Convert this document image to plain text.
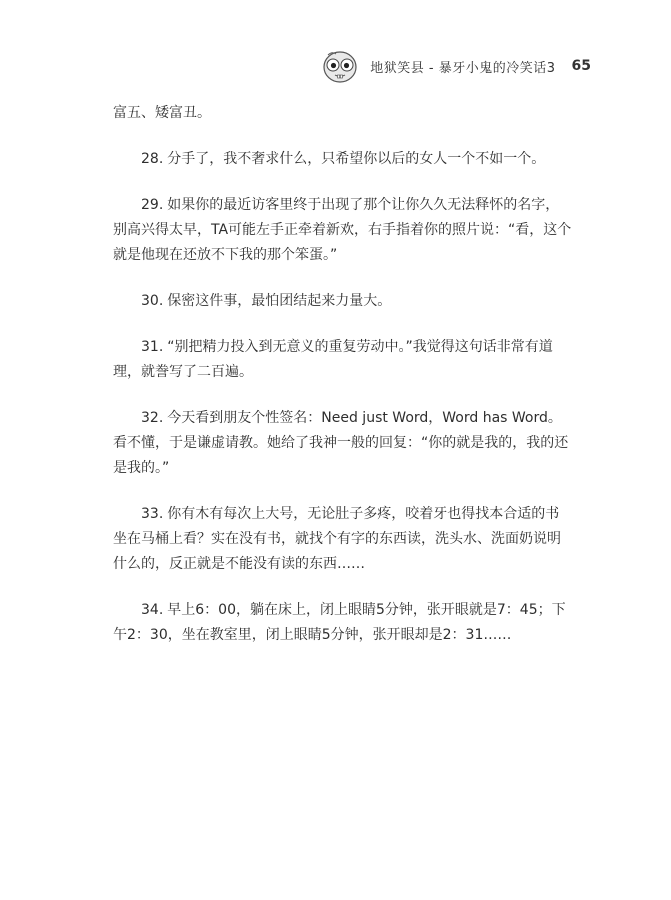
地狱笑县 - 暴牙小鬼的冷笑话3 65

富五、矮富丑。

28. 分手了，我不奢求什么，只希望你以后的女人一个不如一个。

29. 如果你的最近访客里终于出现了那个让你久久无法释怀的名字，别高兴得太早，TA可能左手正牵着新欢，右手指着你的照片说：“看，这个就是他现在还放不下我的那个笨蛋。”

30. 保密这件事，最怕团结起来力量大。

31. “别把精力投入到无意义的重复劳动中。”我觉得这句话非常有道理，就誊写了二百遍。

32. 今天看到朋友个性签名：Need just Word，Word has Word。看不懂，于是谦虚请教。她给了我神一般的回复：“你的就是我的，我的还是我的。”

33. 你有木有每次上大号，无论肚子多疼，咬着牙也得找本合适的书坐在马桶上看？实在没有书，就找个有字的东西读，洗头水、洗面奶说明什么的，反正就是不能没有读的东西……

34. 早上6：00，躺在床上，闭上眼睛5分钟，张开眼就是7：45；下午2：30，坐在教室里，闭上眼睛5分钟，张开眼却是2：31……
